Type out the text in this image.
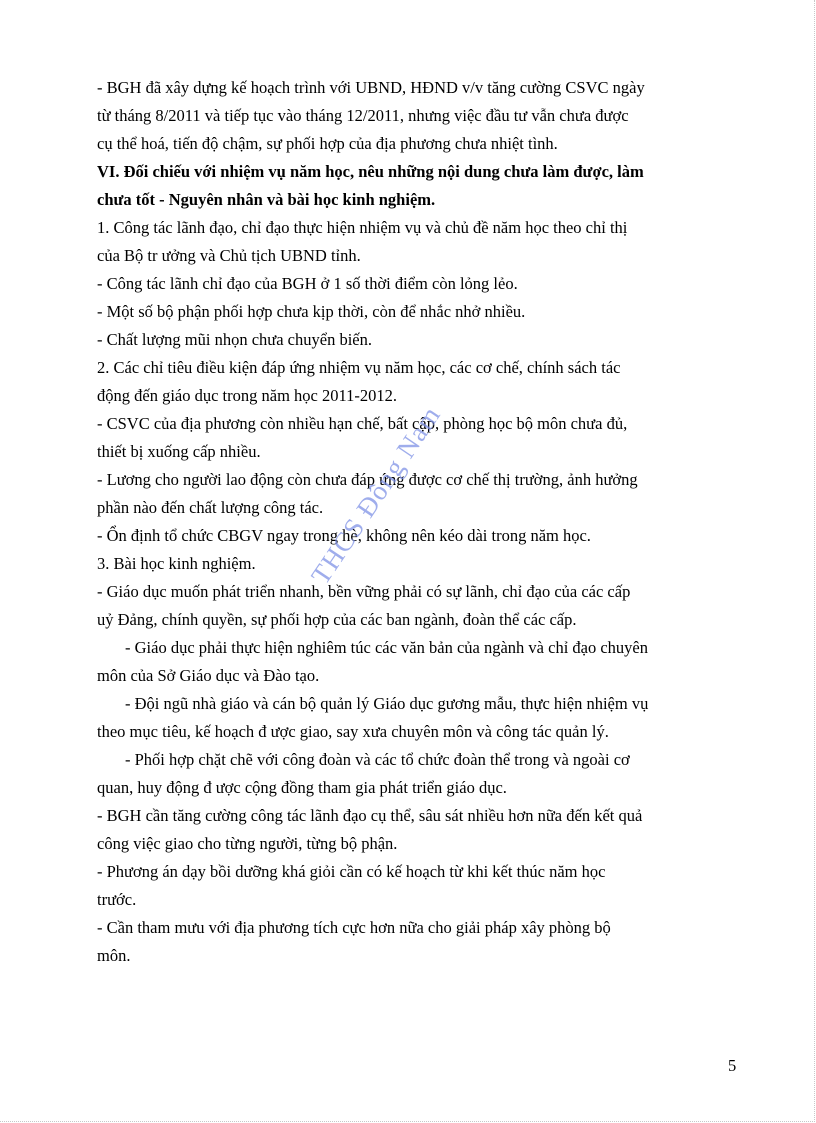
- BGH đã xây dựng kế hoạch trình với UBND, HĐND v/v tăng cường CSVC ngày

từ tháng 8/2011 và tiếp tục vào tháng 12/2011, nhưng việc đầu tư vẫn chưa được

cụ thể hoá, tiến độ chậm, sự phối hợp của địa phương chưa nhiệt tình.

VI. Đối chiếu với nhiệm vụ năm học, nêu những nội dung chưa làm được, làm

chưa tốt - Nguyên nhân và bài học kinh nghiệm.

1. Công tác lãnh đạo, chỉ đạo thực hiện nhiệm vụ và chủ đề năm học theo chỉ thị

của Bộ tr ưởng và Chủ tịch UBND tỉnh.

- Công tác lãnh chỉ đạo của BGH ở 1 số thời điểm còn lỏng lẻo.

- Một số bộ phận phối hợp chưa kịp thời, còn để nhắc nhở nhiều.

- Chất lượng mũi nhọn chưa chuyển biến.

2. Các chỉ tiêu điều kiện đáp ứng nhiệm vụ năm học, các cơ chế, chính sách tác

động đến giáo dục trong năm học 2011-2012.

- CSVC của địa phương còn nhiều hạn chế, bất cập, phòng học bộ môn chưa đủ,

thiết bị xuống cấp nhiều.

- Lương cho người lao động còn chưa đáp ứng được cơ chế thị trường, ảnh hưởng

phần nào đến chất lượng công tác.

- Ổn định tổ chức CBGV ngay trong hè, không nên kéo dài trong năm học.

3. Bài học kinh nghiệm.

- Giáo dục muốn phát triển nhanh, bền vững phải có sự lãnh, chỉ đạo của các cấp

uỷ Đảng, chính quyền, sự phối hợp của các ban ngành, đoàn thể các cấp.

- Giáo dục phải thực hiện nghiêm túc các văn bản của ngành và chỉ đạo chuyên

môn của Sở Giáo dục và Đào tạo.

- Đội ngũ nhà giáo và cán bộ quản lý Giáo dục gương mẫu, thực hiện nhiệm vụ

theo mục tiêu, kế hoạch đ ược giao, say xưa chuyên môn và công tác quản lý.

- Phối hợp chặt chẽ với công đoàn và các tổ chức đoàn thể trong và ngoài cơ

quan, huy động đ ược cộng đồng tham gia phát triển giáo dục.

- BGH cần tăng cường công tác lãnh đạo cụ thể, sâu sát nhiều hơn nữa đến kết quả

công việc giao cho từng người, từng bộ phận.

- Phương án dạy bồi dưỡng khá giỏi cần có kế hoạch từ khi kết thúc năm học

trước.

- Cần tham mưu với địa phương tích cực hơn nữa cho giải pháp xây phòng bộ

môn.

THCS Đông Nam
5
